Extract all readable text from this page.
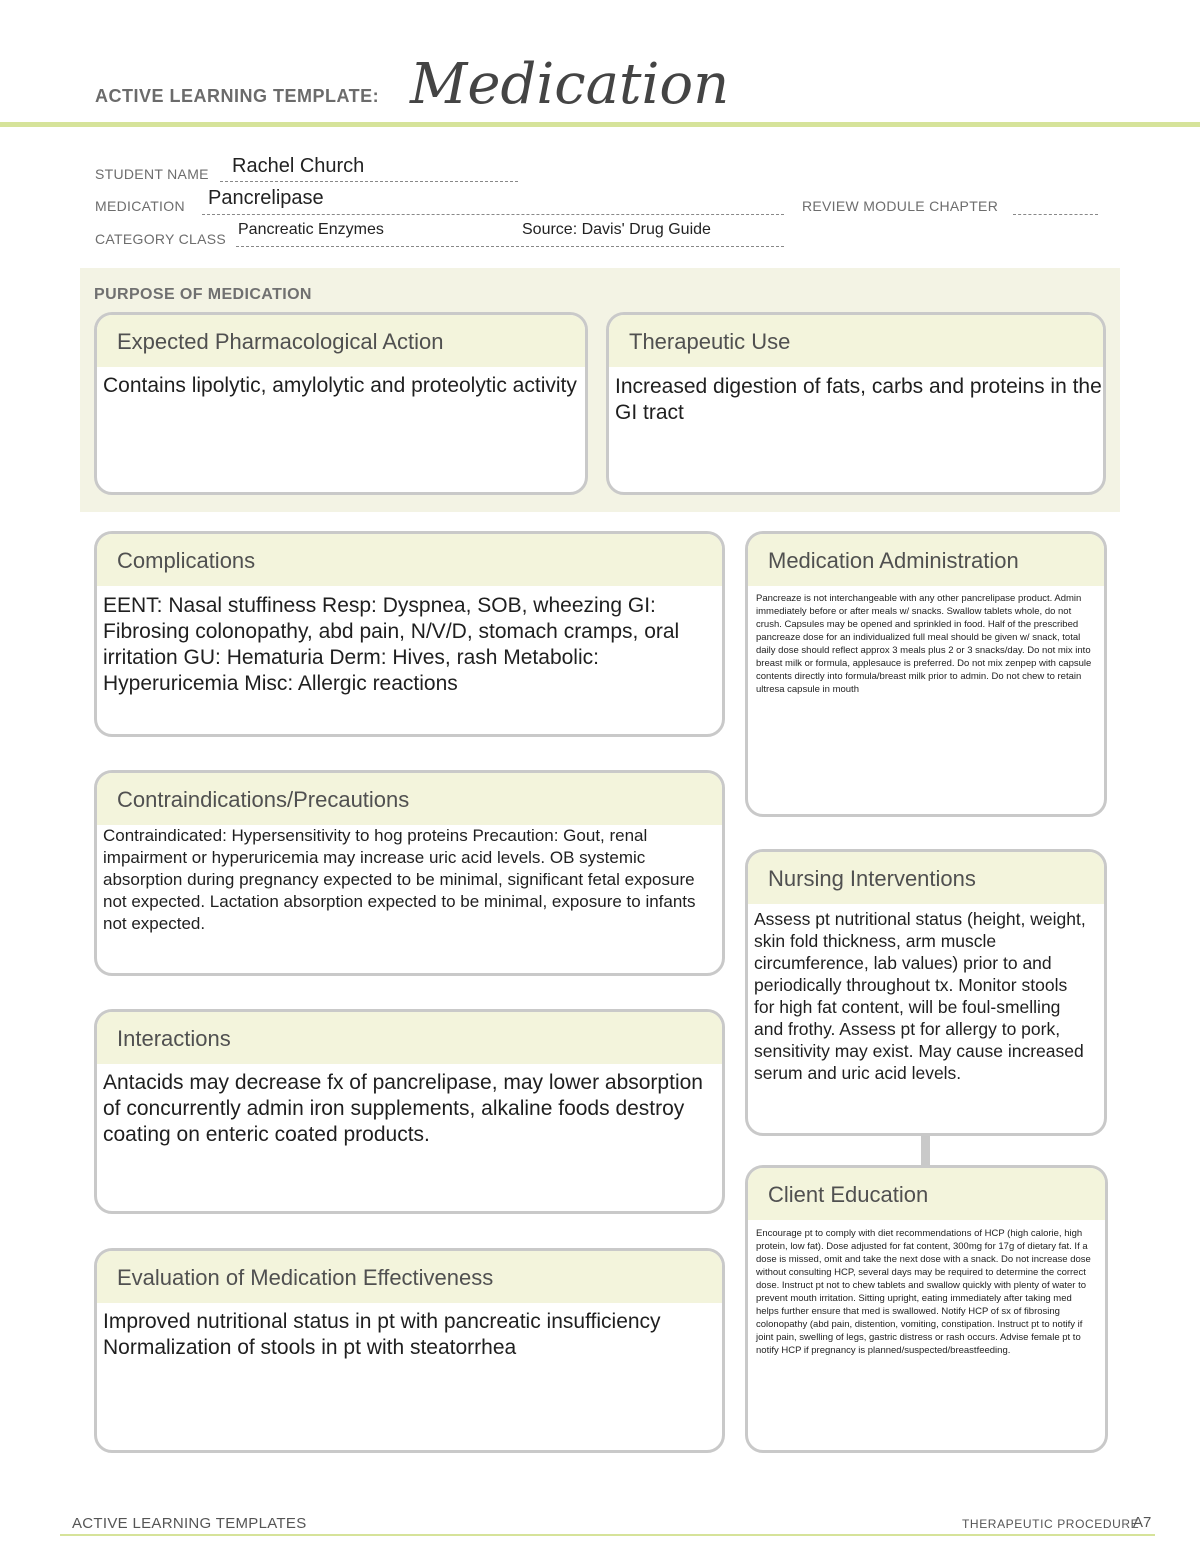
ACTIVE LEARNING TEMPLATE: Medication
STUDENT NAME Rachel Church
MEDICATION Pancrelipase	REVIEW MODULE CHAPTER
CATEGORY CLASS
Pancreatic Enzymes	Source: Davis' Drug Guide
PURPOSE OF MEDICATION
Expected Pharmacological Action
Contains lipolytic, amylolytic and proteolytic activity
Therapeutic Use
Increased digestion of fats, carbs and proteins in the GI tract
Complications
EENT: Nasal stuffiness Resp: Dyspnea, SOB, wheezing GI: Fibrosing colonopathy, abd pain, N/V/D, stomach cramps, oral irritation GU: Hematuria Derm: Hives, rash Metabolic: Hyperuricemia Misc: Allergic reactions
Medication Administration
Pancreaze is not interchangeable with any other pancrelipase product. Admin immediately before or after meals w/ snacks. Swallow tablets whole, do not crush. Capsules may be opened and sprinkled in food. Half of the prescribed pancreaze dose for an individualized full meal should be given w/ snack, total daily dose should reflect approx 3 meals plus 2 or 3 snacks/day. Do not mix into breast milk or formula, applesauce is preferred. Do not mix zenpep with capsule contents directly into formula/breast milk prior to admin. Do not chew to retain ultresa capsule in mouth
Contraindications/Precautions
Contraindicated: Hypersensitivity to hog proteins Precaution: Gout, renal impairment or hyperuricemia may increase uric acid levels. OB systemic absorption during pregnancy expected to be minimal, significant fetal exposure not expected. Lactation absorption expected to be minimal, exposure to infants not expected.
Nursing Interventions
Assess pt nutritional status (height, weight, skin fold thickness, arm muscle circumference, lab values) prior to and periodically throughout tx. Monitor stools for high fat content, will be foul-smelling and frothy. Assess pt for allergy to pork, sensitivity may exist. May cause increased serum and uric acid levels.
Interactions
Antacids may decrease fx of pancrelipase, may lower absorption of concurrently admin iron supplements, alkaline foods destroy coating on enteric coated products.
Client Education
Encourage pt to comply with diet recommendations of HCP (high calorie, high protein, low fat). Dose adjusted for fat content, 300mg for 17g of dietary fat. If a dose is missed, omit and take the next dose with a snack. Do not increase dose without consulting HCP, several days may be required to determine the correct dose. Instruct pt not to chew tablets and swallow quickly with plenty of water to prevent mouth irritation. Sitting upright, eating immediately after taking med helps further ensure that med is swallowed. Notify HCP of sx of fibrosing colonopathy (abd pain, distention, vomiting, constipation. Instruct pt to notify if joint pain, swelling of legs, gastric distress or rash occurs. Advise female pt to notify HCP if pregnancy is planned/suspected/breastfeeding.
Evaluation of Medication Effectiveness
Improved nutritional status in pt with pancreatic insufficiency
Normalization of stools in pt with steatorrhea
ACTIVE LEARNING TEMPLATES	THERAPEUTIC PROCEDURE
A7
